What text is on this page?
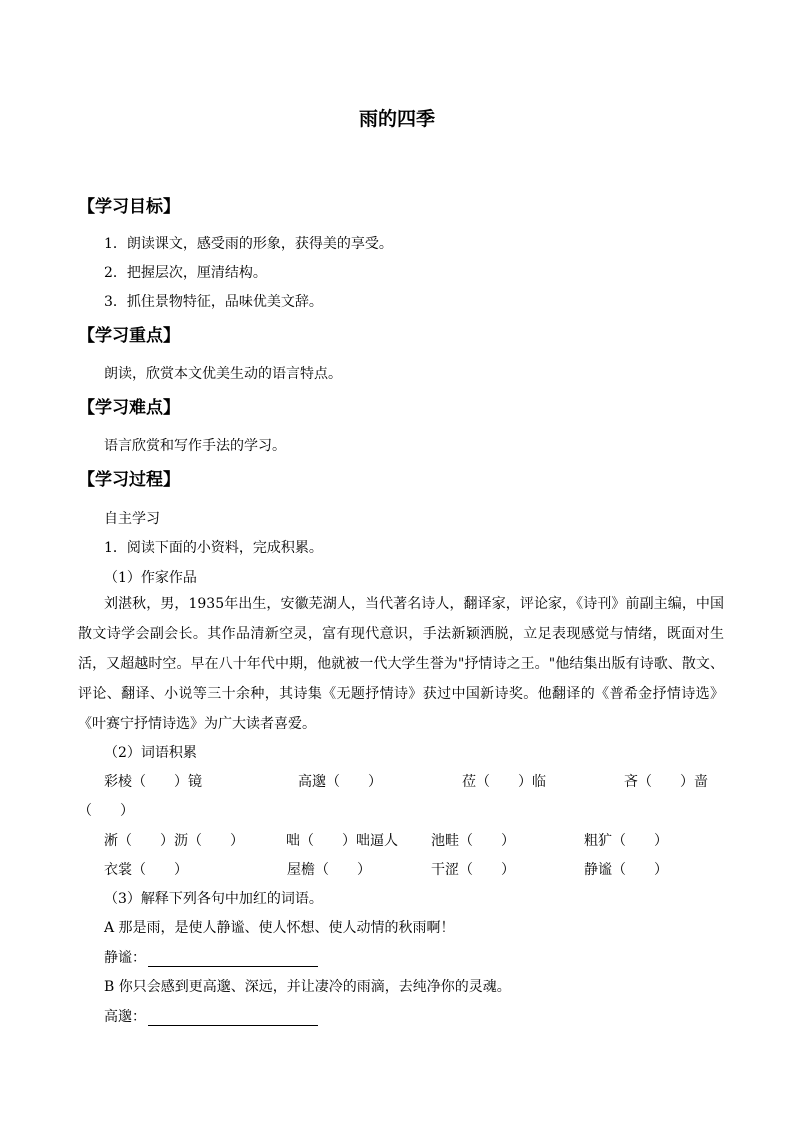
雨的四季
【学习目标】
1．朗读课文，感受雨的形象，获得美的享受。
2．把握层次，厘清结构。
3．抓住景物特征，品味优美文辞。
【学习重点】
朗读，欣赏本文优美生动的语言特点。
【学习难点】
语言欣赏和写作手法的学习。
【学习过程】
自主学习
1．阅读下面的小资料，完成积累。
（1）作家作品
刘湛秋，男，1935年出生，安徽芜湖人，当代著名诗人，翻译家，评论家，《诗刊》前副主编，中国散文诗学会副会长。其作品清新空灵，富有现代意识，手法新颖洒脱，立足表现感觉与情绪，既面对生活，又超越时空。早在八十年代中期，他就被一代大学生誉为"抒情诗之王。"他结集出版有诗歌、散文、评论、翻译、小说等三十余种，其诗集《无题抒情诗》获过中国新诗奖。他翻译的《普希金抒情诗选》《叶赛宁抒情诗选》为广大读者喜爱。
（2）词语积累
彩棱（　　）镜	高邈（　　）	莅（　　）临	吝（　　）啬
（　　）
淅（　　）沥（　　）	咄（　　）咄逼人 池畦（　　）	粗犷（　　）
衣裳（　　）	屋檐（　　）	干涩（　　）	静谧（　　）
（3）解释下列各句中加红的词语。
A 那是雨，是使人静谧、使人怀想、使人动情的秋雨啊！
静谧：
B 你只会感到更高邈、深远，并让凄冷的雨滴，去纯净你的灵魂。
高邈：
